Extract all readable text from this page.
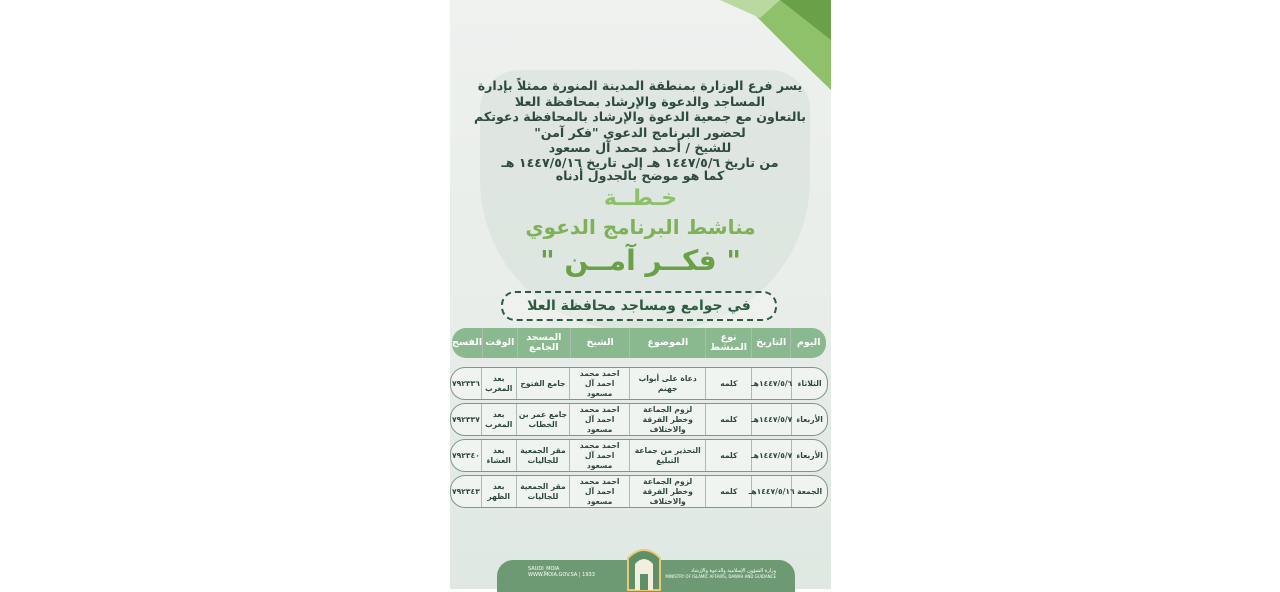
يسر فرع الوزارة بمنطقة المدينة المنورة ممثلاً بإدارة
المساجد والدعوة والإرشاد بمحافظة العلا
بالتعاون مع جمعية الدعوة والإرشاد بالمحافظة دعوتكم
لحضور البرنامج الدعوي "فكر آمن"
للشيخ / أحمد محمد آل مسعود
من تاريخ ١٤٤٧/٥/٦ هـ إلى تاريخ ١٤٤٧/٥/١٦ هـ
كما هو موضح بالجدول أدناه
خـطــة
مناشط البرنامج الدعوي
" فكــر آمــن "
في جوامع ومساجد محافظة العلا
اليوم
التاريخ
نوع المنشط
الموضوع
الشيخ
المسجد الجامع
الوقت
الفسح
الثلاثاء
١٤٤٧/٥/٦هـ
كلمه
دعاة على أبواب جهنم
احمد محمد احمد آل مسعود
جامع الفتوح
بعد المغرب
٧٩٢٣٣٦
الأربعاء
١٤٤٧/٥/٧هـ
كلمه
لزوم الجماعة وخطر الفرقة والاختلاف
احمد محمد احمد آل مسعود
جامع عمر بن الخطاب
بعد المغرب
٧٩٢٣٣٧
الأربعاء
١٤٤٧/٥/٧هـ
كلمه
التحذير من جماعة التبليغ
احمد محمد احمد آل مسعود
مقر الجمعية للجاليات
بعد العشاء
٧٩٢٣٤٠
الجمعة
١٤٤٧/٥/١٦هـ
كلمه
لزوم الجماعة وخطر الفرقة والاختلاف
احمد محمد احمد آل مسعود
مقر الجمعية للجاليات
بعد الظهر
٧٩٢٣٤٣
SAUDI_MOIA
WWW.MOIA.GOV.SA | 1933
وزارة الشؤون الإسلامية والدعوة والإرشاد
MINISTRY OF ISLAMIC AFFAIRS, DAWAH AND GUIDANCE
